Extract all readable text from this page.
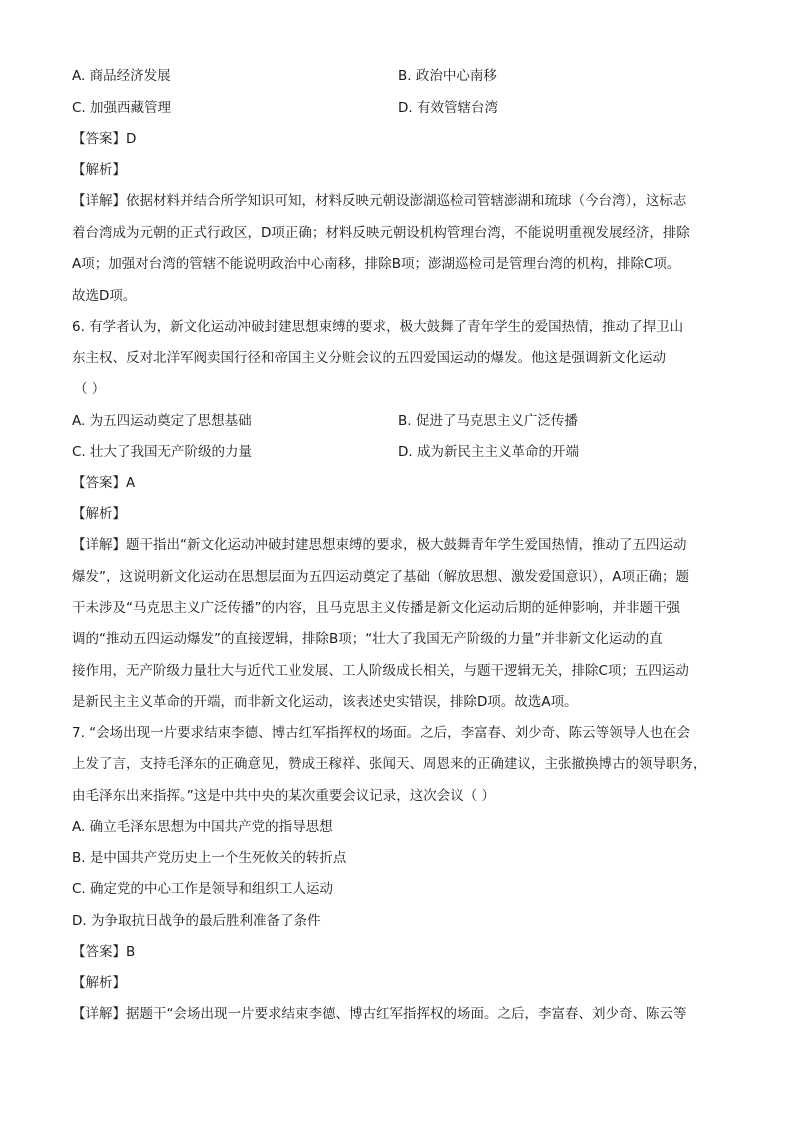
A. 商品经济发展	B. 政治中心南移
C. 加强西藏管理	D. 有效管辖台湾
【答案】D
【解析】
【详解】依据材料并结合所学知识可知，材料反映元朝设澎湖巡检司管辖澎湖和琉球（今台湾），这标志
着台湾成为元朝的正式行政区，D项正确；材料反映元朝设机构管理台湾，不能说明重视发展经济，排除
A项；加强对台湾的管辖不能说明政治中心南移，排除B项；澎湖巡检司是管理台湾的机构，排除C项。
故选D项。
6. 有学者认为，新文化运动冲破封建思想束缚的要求，极大鼓舞了青年学生的爱国热情，推动了捍卫山
东主权、反对北洋军阀卖国行径和帝国主义分赃会议的五四爱国运动的爆发。他这是强调新文化运动
（ ）
A. 为五四运动奠定了思想基础	B. 促进了马克思主义广泛传播
C. 壮大了我国无产阶级的力量	D. 成为新民主主义革命的开端
【答案】A
【解析】
【详解】题干指出“新文化运动冲破封建思想束缚的要求，极大鼓舞青年学生爱国热情，推动了五四运动
爆发”，这说明新文化运动在思想层面为五四运动奠定了基础（解放思想、激发爱国意识），A项正确；题
干未涉及“马克思主义广泛传播”的内容，且马克思主义传播是新文化运动后期的延伸影响，并非题干强
调的“推动五四运动爆发”的直接逻辑，排除B项；“壮大了我国无产阶级的力量”并非新文化运动的直
接作用，无产阶级力量壮大与近代工业发展、工人阶级成长相关，与题干逻辑无关，排除C项；五四运动
是新民主主义革命的开端，而非新文化运动，该表述史实错误，排除D项。故选A项。
7. “会场出现一片要求结束李德、博古红军指挥权的场面。之后，李富春、刘少奇、陈云等领导人也在会
上发了言，支持毛泽东的正确意见，赞成王稼祥、张闻天、周恩来的正确建议，主张撤换博古的领导职务，
由毛泽东出来指挥。”这是中共中央的某次重要会议记录，这次会议（ ）
A. 确立毛泽东思想为中国共产党的指导思想
B. 是中国共产党历史上一个生死攸关的转折点
C. 确定党的中心工作是领导和组织工人运动
D. 为争取抗日战争的最后胜利准备了条件
【答案】B
【解析】
【详解】据题干“会场出现一片要求结束李德、博古红军指挥权的场面。之后，李富春、刘少奇、陈云等
